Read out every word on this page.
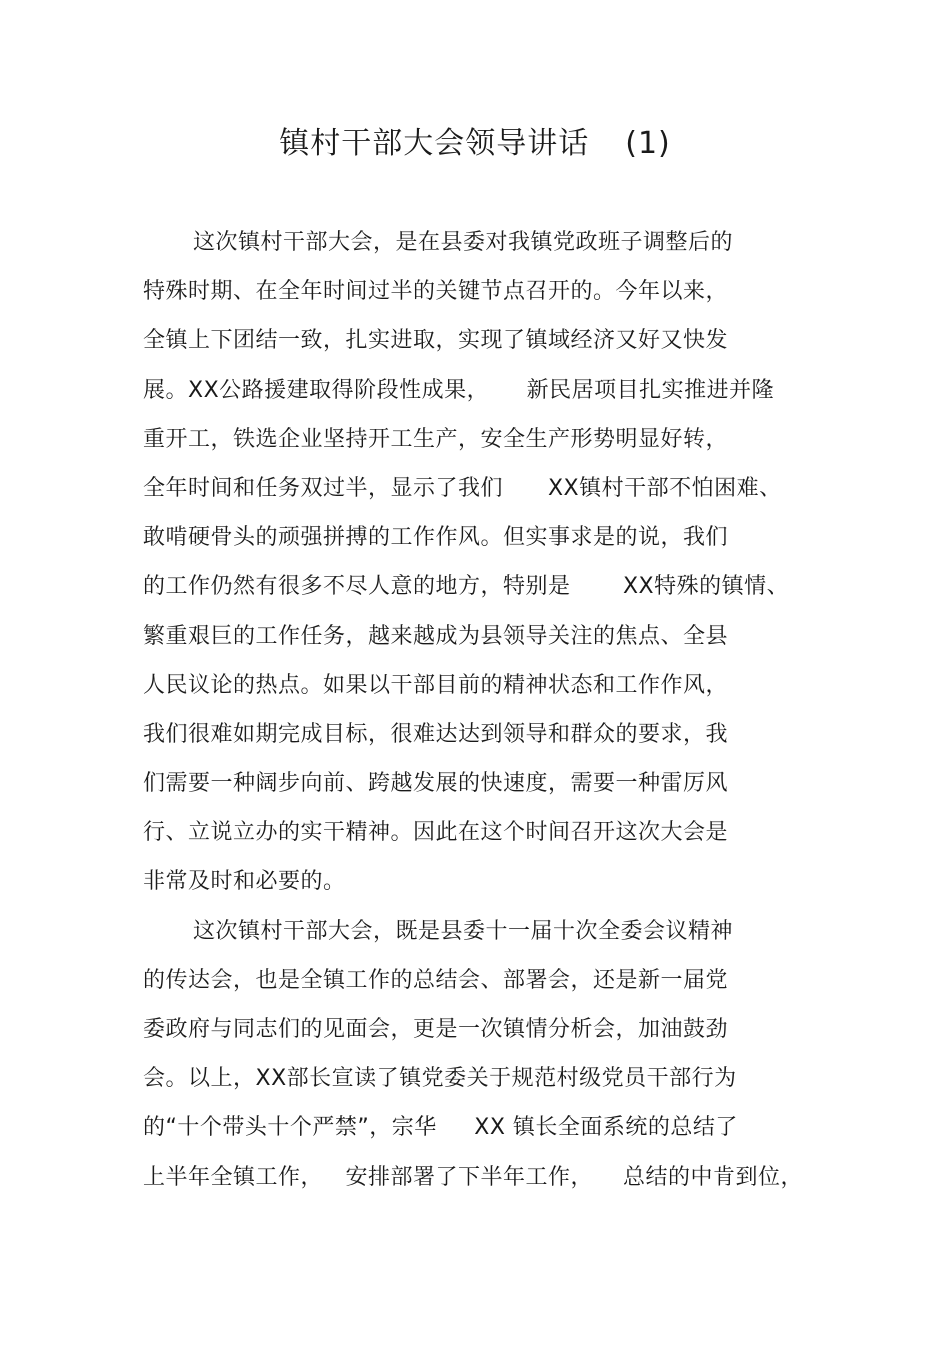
镇村干部大会领导讲话 (1)
这次镇村干部大会，是在县委对我镇党政班子调整后的
特殊时期、在全年时间过半的关键节点召开的。今年以来，
全镇上下团结一致，扎实进取，实现了镇域经济又好又快发
展。XX公路援建取得阶段性成果，     新民居项目扎实推进并隆
重开工，铁选企业坚持开工生产，安全生产形势明显好转，
全年时间和任务双过半，显示了我们      XX镇村干部不怕困难、
敢啃硬骨头的顽强拼搏的工作作风。但实事求是的说，我们
的工作仍然有很多不尽人意的地方，特别是       XX特殊的镇情、
繁重艰巨的工作任务，越来越成为县领导关注的焦点、全县
人民议论的热点。如果以干部目前的精神状态和工作作风，
我们很难如期完成目标，很难达达到领导和群众的要求，我
们需要一种阔步向前、跨越发展的快速度，需要一种雷厉风
行、立说立办的实干精神。因此在这个时间召开这次大会是
非常及时和必要的。
这次镇村干部大会，既是县委十一届十次全委会议精神
的传达会，也是全镇工作的总结会、部署会，还是新一届党
委政府与同志们的见面会，更是一次镇情分析会，加油鼓劲
会。以上，XX部长宣读了镇党委关于规范村级党员干部行为
的“十个带头十个严禁”，宗华     XX 镇长全面系统的总结了
上半年全镇工作，   安排部署了下半年工作，    总结的中肯到位，
